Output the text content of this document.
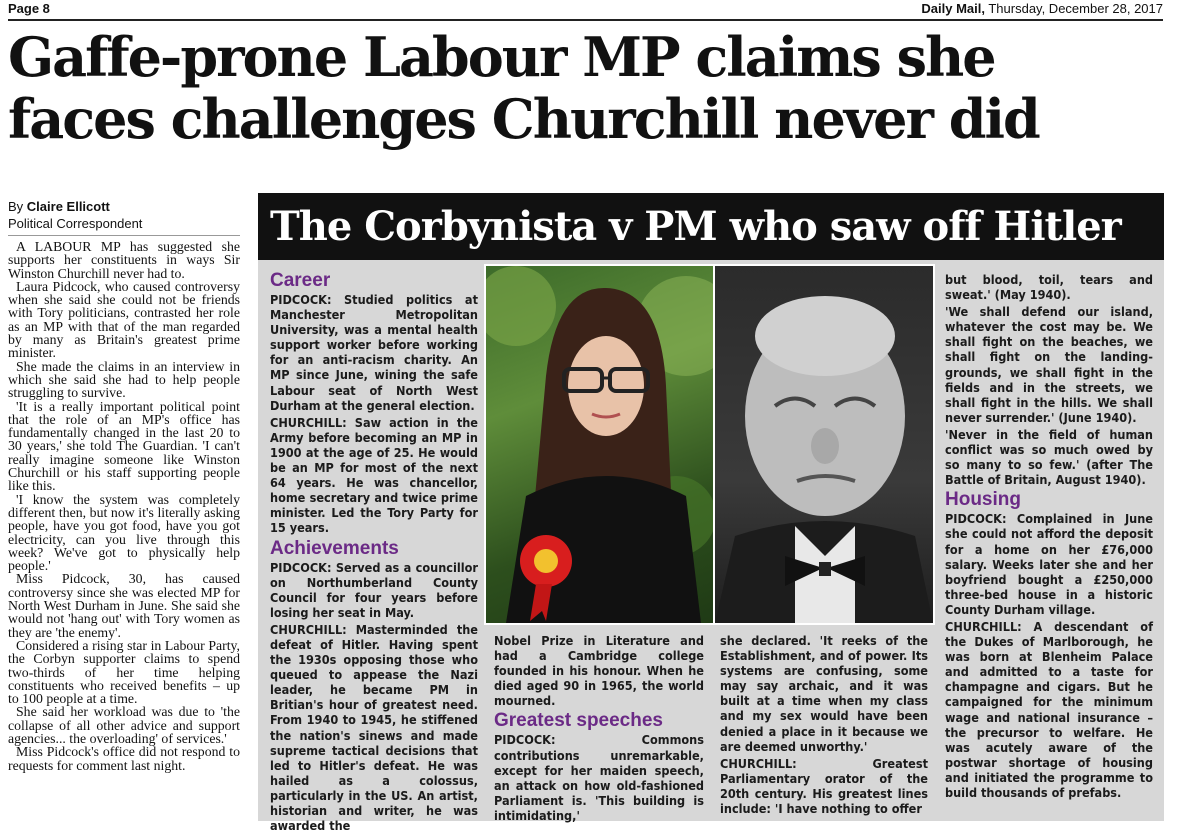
Page 8	Daily Mail, Thursday, December 28, 2017
Gaffe-prone Labour MP claims she
faces challenges Churchill never did
By Claire Ellicott
Political Correspondent

A LABOUR MP has suggested she supports her constituents in ways Sir Winston Churchill never had to.

Laura Pidcock, who caused controversy when she said she could not be friends with Tory politicians, contrasted her role as an MP with that of the man regarded by many as Britain's greatest prime minister.

She made the claims in an interview in which she said she had to help people struggling to survive.

'It is a really important political point that the role of an MP's office has fundamentally changed in the last 20 to 30 years,' she told The Guardian. 'I can't really imagine someone like Winston Churchill or his staff supporting people like this.

'I know the system was completely different then, but now it's literally asking people, have you got food, have you got electricity, can you live through this week? We've got to physically help people.'

Miss Pidcock, 30, has caused controversy since she was elected MP for North West Durham in June. She said she would not 'hang out' with Tory women as they are 'the enemy'.

Considered a rising star in Labour Party, the Corbyn supporter claims to spend two-thirds of her time helping constituents who received benefits – up to 100 people at a time.

She said her workload was due to 'the collapse of all other advice and support agencies... the overloading' of services.'

Miss Pidcock's office did not respond to requests for comment last night.

The Corbynista v PM who saw off Hitler
Career

PIDCOCK: Studied politics at Manchester Metropolitan University, was a mental health support worker before working for an anti-racism charity. An MP since June, wining the safe Labour seat of North West Durham at the general election.

CHURCHILL: Saw action in the Army before becoming an MP in 1900 at the age of 25. He would be an MP for most of the next 64 years. He was chancellor, home secretary and twice prime minister. Led the Tory Party for 15 years.

Achievements

PIDCOCK: Served as a councillor on Northumberland County Council for four years before losing her seat in May.

CHURCHILL: Masterminded the defeat of Hitler. Having spent the 1930s opposing those who queued to appease the Nazi leader, he became PM in Britian's hour of greatest need. From 1940 to 1945, he stiffened the nation's sinews and made supreme tactical decisions that led to Hitler's defeat. He was hailed as a colossus, particularly in the US. An artist, historian and writer, he was awarded the

Nobel Prize in Literature and had a Cambridge college founded in his honour. When he died aged 90 in 1965, the world mourned.

Greatest speeches

PIDCOCK: Commons contributions unremarkable, except for her maiden speech, an attack on how old-fashioned Parliament is. 'This building is intimidating,'

she declared. 'It reeks of the Establishment, and of power. Its systems are confusing, some may say archaic, and it was built at a time when my class and my sex would have been denied a place in it because we are deemed unworthy.'

CHURCHILL: Greatest Parliamentary orator of the 20th century. His greatest lines include: 'I have nothing to offer

but blood, toil, tears and sweat.' (May 1940).

'We shall defend our island, whatever the cost may be. We shall fight on the beaches, we shall fight on the landing-grounds, we shall fight in the fields and in the streets, we shall fight in the hills. We shall never surrender.' (June 1940).

'Never in the field of human conflict was so much owed by so many to so few.' (after The Battle of Britain, August 1940).

Housing

PIDCOCK: Complained in June she could not afford the deposit for a home on her £76,000 salary. Weeks later she and her boyfriend bought a £250,000 three-bed house in a historic County Durham village.

CHURCHILL: A descendant of the Dukes of Marlborough, he was born at Blenheim Palace and admitted to a taste for champagne and cigars. But he campaigned for the minimum wage and national insurance – the precursor to welfare. He was acutely aware of the postwar shortage of housing and initiated the programme to build thousands of prefabs.
